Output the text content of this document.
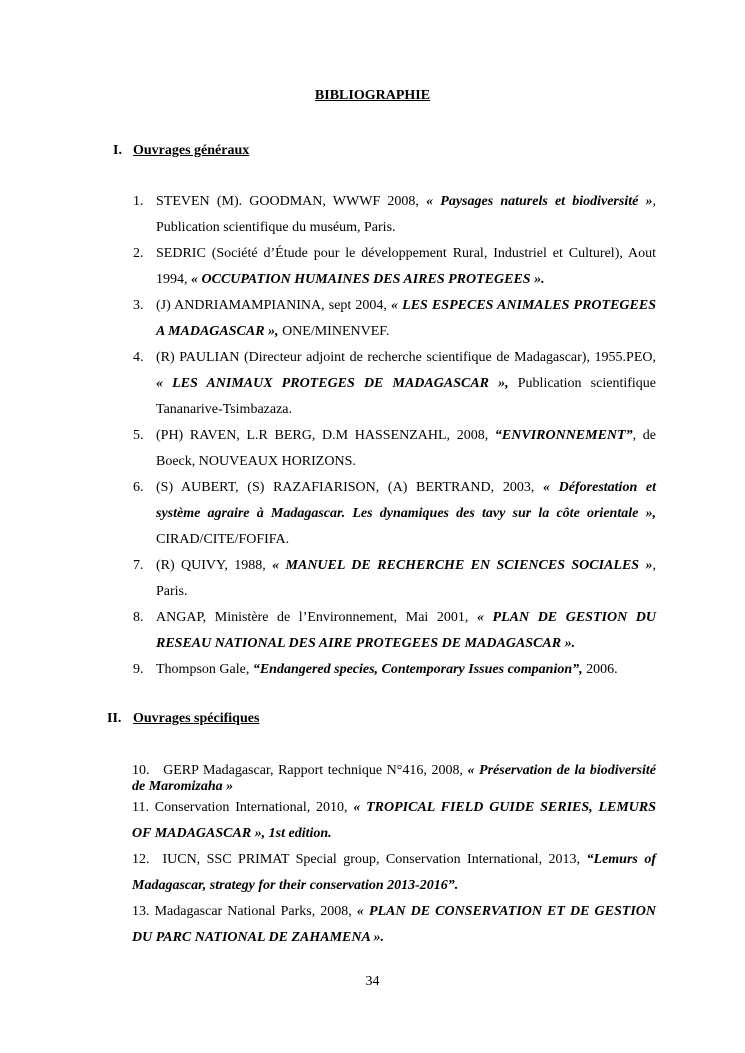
BIBLIOGRAPHIE
I. Ouvrages généraux
1. STEVEN (M). GOODMAN, WWWF 2008, « Paysages naturels et biodiversité », Publication scientifique du muséum, Paris.
2. SEDRIC (Société d’Étude pour le développement Rural, Industriel et Culturel), Aout 1994, « OCCUPATION HUMAINES DES AIRES PROTEGEES ».
3. (J) ANDRIAMAMPIANINA, sept 2004, « LES ESPECES ANIMALES PROTEGEES A MADAGASCAR », ONE/MINENVEF.
4. (R) PAULIAN (Directeur adjoint de recherche scientifique de Madagascar), 1955.PEO, « LES ANIMAUX PROTEGES DE MADAGASCAR », Publication scientifique Tananarive-Tsimbazaza.
5. (PH) RAVEN, L.R BERG, D.M HASSENZAHL, 2008, “ENVIRONNEMENT”, de Boeck, NOUVEAUX HORIZONS.
6. (S) AUBERT, (S) RAZAFIARISON, (A) BERTRAND, 2003, « Déforestation et système agraire à Madagascar. Les dynamiques des tavy sur la côte orientale », CIRAD/CITE/FOFIFA.
7. (R) QUIVY, 1988, « MANUEL DE RECHERCHE EN SCIENCES SOCIALES », Paris.
8. ANGAP, Ministère de l’Environnement, Mai 2001, « PLAN DE GESTION DU RESEAU NATIONAL DES AIRE PROTEGEES DE MADAGASCAR ».
9. Thompson Gale, “Endangered species, Contemporary Issues companion”, 2006.
II. Ouvrages spécifiques
10. GERP Madagascar, Rapport technique N°416, 2008, « Préservation de la biodiversité de Maromizaha »
11. Conservation International, 2010, « TROPICAL FIELD GUIDE SERIES, LEMURS OF MADAGASCAR », 1st edition.
12. IUCN, SSC PRIMAT Special group, Conservation International, 2013, “Lemurs of Madagascar, strategy for their conservation 2013-2016”.
13. Madagascar National Parks, 2008, « PLAN DE CONSERVATION ET DE GESTION DU PARC NATIONAL DE ZAHAMENA ».
34
